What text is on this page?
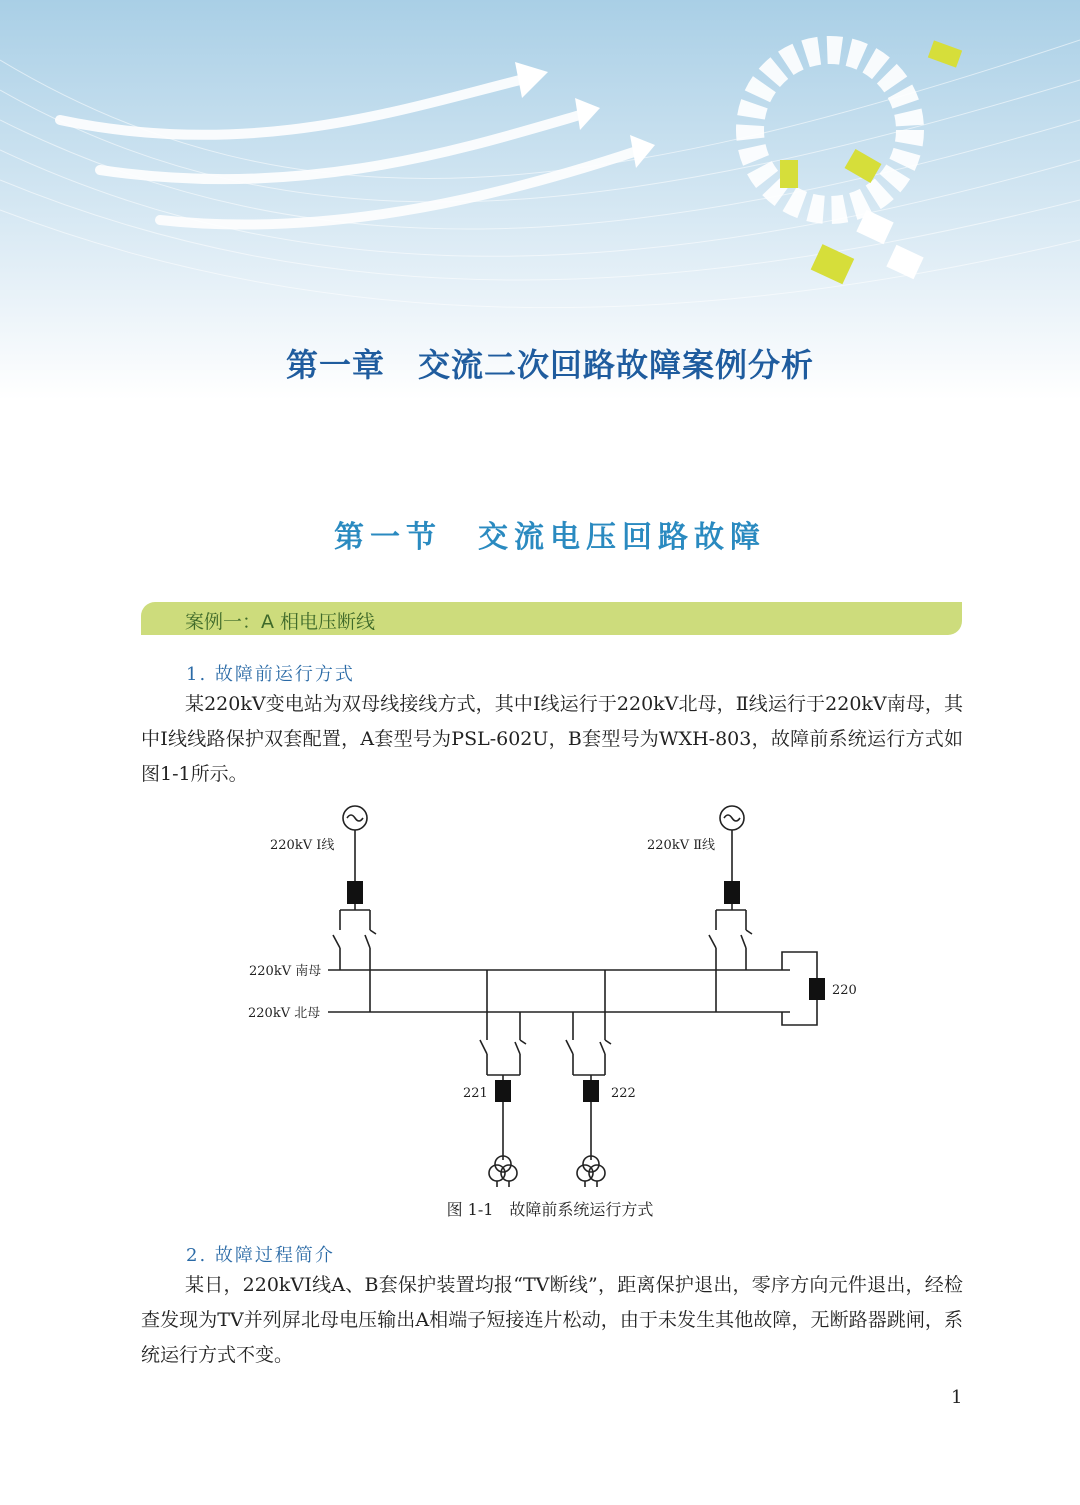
第一章　交流二次回路故障案例分析
第一节　交流电压回路故障
案例一：A 相电压断线
1. 故障前运行方式
某220kV变电站为双母线接线方式，其中Ⅰ线运行于220kV北母，Ⅱ线运行于220kV南母，其中Ⅰ线线路保护双套配置，A套型号为PSL-602U，B套型号为WXH-803，故障前系统运行方式如图1-1所示。
220kV Ⅰ线	220kV Ⅱ线
220kV 南母
220kV 北母
220
221	222
图 1-1　故障前系统运行方式
2. 故障过程简介
某日，220kVⅠ线A、B套保护装置均报“TV断线”，距离保护退出，零序方向元件退出，经检查发现为TV并列屏北母电压输出A相端子短接连片松动，由于未发生其他故障，无断路器跳闸，系统运行方式不变。
1
